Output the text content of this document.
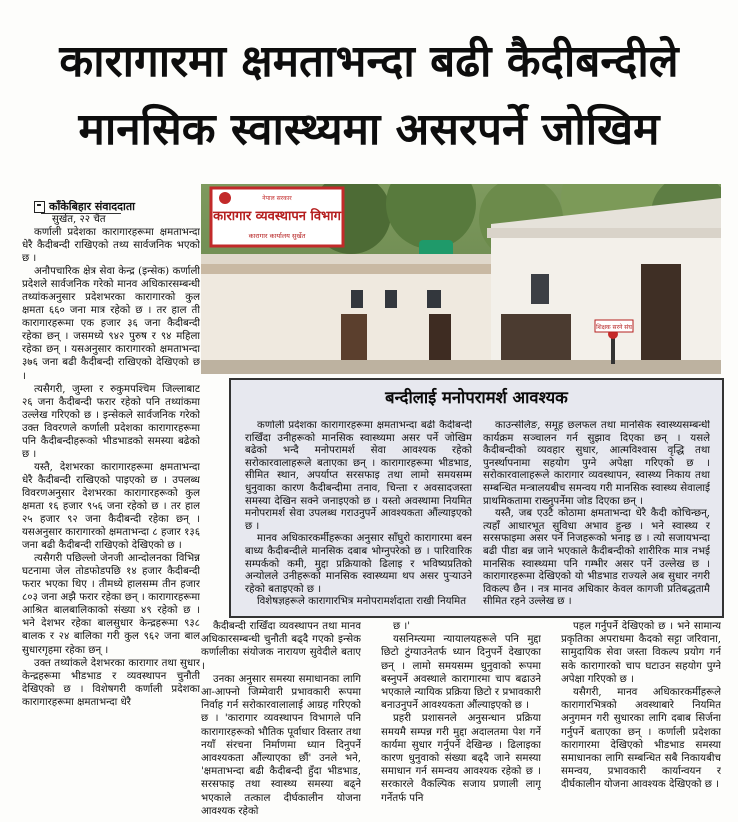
कारागारमा क्षमताभन्दा बढी कैदीबन्दीले
मानसिक स्वास्थ्यमा असरपर्ने जोखिम
काँकेबिहार संवाददाता
सुर्खेत, २२ चैत

कर्णाली प्रदेशका कारागारहरूमा क्षमताभन्दा धेरै कैदीबन्दी राखिएको तथ्य सार्वजनिक भएको छ ।

अनौपचारिक क्षेत्र सेवा केन्द्र (इन्सेक) कर्णाली प्रदेशले सार्वजनिक गरेको मानव अधिकारसम्बन्धी तथ्यांकअनुसार प्रदेशभरका कारागारको कुल क्षमता ६६० जना मात्र रहेको छ । तर हाल ती कारागारहरूमा एक हजार ३६ जना कैदीबन्दी रहेका छन् । जसमध्ये ९४२ पुरुष र ९४ महिला रहेका छन् । यसअनुसार कारागारको क्षमताभन्दा ३७६ जना बढी कैदीबन्दी राखिएको देखिएको छ ।

त्यसैगरी, जुम्ला र रुकुमपश्चिम जिल्लाबाट २६ जना कैदीबन्दी फरार रहेको पनि तथ्यांकमा उल्लेख गरिएको छ । इन्सेकले सार्वजनिक गरेको उक्त विवरणले कर्णाली प्रदेशका कारागारहरूमा पनि कैदीबन्दीहरूको भीडभाडको समस्या बढेको छ ।

यस्तै, देशभरका कारागारहरूमा क्षमताभन्दा धेरै कैदीबन्दी राखिएको पाइएको छ । उपलब्ध विवरणअनुसार देशभरका कारागारहरूको कुल क्षमता १६ हजार ९५६ जना रहेको छ । तर हाल २५ हजार ९२ जना कैदीबन्दी रहेका छन् । यसअनुसार कारागारको क्षमताभन्दा ८ हजार १३६ जना बढी कैदीबन्दी राखिएको देखिएको छ ।

त्यसैगरी पछिल्लो जेनजी आन्दोलनका विभिन्न घटनामा जेल तोडफोडपछि १४ हजार कैदीबन्दी फरार भएका थिए । तीमध्ये हालसम्म तीन हजार ८०३ जना अझै फरार रहेका छन् । कारागारहरूमा आश्रित बालबालिकाको संख्या ४९ रहेको छ । भने देशभर रहेका बालसुधार केन्द्रहरूमा ९३८ बालक र २४ बालिका गरी कुल ९६२ जना बाल सुधारगृहमा रहेका छन् ।

उक्त तथ्यांकले देशभरका कारागार तथा सुधार केन्द्रहरूमा भीडभाड र व्यवस्थापन चुनौती देखिएको छ । विशेषगरी कर्णाली प्रदेशका कारागारहरूमा क्षमताभन्दा धेरै

नेपाल सरकार
कारागार व्यवस्थापन विभाग
कारागार कार्यालय सुर्खेत
शिक्षक सरने संघ
बन्दीलाई मनोपरामर्श आवश्यक

कर्णाली प्रदेशका कारागारहरूमा क्षमताभन्दा बढी कैदीबन्दी राखिँदा उनीहरूको मानसिक स्वास्थ्यमा असर पर्ने जोखिम बढेको भन्दै मनोपरामर्श सेवा आवश्यक रहेको सरोकारवालाहरूले बताएका छन् । कारागारहरूमा भीडभाड, सीमित स्थान, अपर्याप्त सरसफाइ तथा लामो समयसम्म धुनुवाका कारण कैदीबन्दीमा तनाव, चिन्ता र अवसादजस्ता समस्या देखिन सक्ने जनाइएको छ । यस्तो अवस्थामा नियमित मनोपरामर्श सेवा उपलब्ध गराउनुपर्ने आवश्यकता औंल्याइएको छ ।

मानव अधिकारकर्मीहरूका अनुसार साँघुरो कारागारमा बस्न बाध्य कैदीबन्दीले मानसिक दबाब भोग्नुपरेको छ । पारिवारिक सम्पर्कको कमी, मुद्दा प्रक्रियाको ढिलाइ र भविष्यप्रतिको अन्योलले उनीहरूको मानसिक स्वास्थ्यमा थप असर पुऱ्याउने रहेको बताइएको छ ।

विशेषज्ञहरूले कारागारभित्र मनोपरामर्शदाता राखी नियमित

काउन्सेलिङ, समूह छलफल तथा मानसिक स्वास्थ्यसम्बन्धी कार्यक्रम सञ्चालन गर्न सुझाव दिएका छन् । यसले कैदीबन्दीको व्यवहार सुधार, आत्मविश्वास वृद्धि तथा पुनर्स्थापनामा सहयोग पुग्ने अपेक्षा गरिएको छ । सरोकारवालाहरूले कारागार व्यवस्थापन, स्वास्थ्य निकाय तथा सम्बन्धित मन्त्रालयबीच समन्वय गरी मानसिक स्वास्थ्य सेवालाई प्राथमिकतामा राख्नुपर्नेमा जोड दिएका छन् ।

यस्तै, जब एउटै कोठामा क्षमताभन्दा धेरै कैदी कोचिन्छन्, त्यहाँ आधारभूत सुविधा अभाव हुन्छ । भने स्वास्थ्य र सरसफाइमा असर पर्ने निजहरूको भनाइ छ । त्यो सजायभन्दा बढी पीडा बन्न जाने भएकाले कैदीबन्दीको शारीरिक मात्र नभई मानसिक स्वास्थ्यमा पनि गम्भीर असर पर्ने उल्लेख छ । कारागारहरूमा देखिएको यो भीडभाड राज्यले अब सुधार नगरी विकल्प छैन । नत्र मानव अधिकार केवल कागजी प्रतिबद्धतामै सीमित रहने उल्लेख छ ।

कैदीबन्दी राखिँदा व्यवस्थापन तथा मानव अधिकारसम्बन्धी चुनौती बढ्दै गएको इन्सेक कर्णालीका संयोजक नारायण सुवेदीले बताए ।

उनका अनुसार समस्या समाधानका लागि आ-आफ्नो जिम्मेवारी प्रभावकारी रूपमा निर्वाह गर्न सरोकारवालालाई आग्रह गरिएको छ । 'कारागार व्यवस्थापन विभागले पनि कारागारहरूको भौतिक पूर्वाधार विस्तार तथा नयाँ संरचना निर्माणमा ध्यान दिनुपर्ने आवश्यकता औंल्याएका छौं' उनले भने, 'क्षमताभन्दा बढी कैदीबन्दी हुँदा भीडभाड, सरसफाइ तथा स्वास्थ्य समस्या बढ्ने भएकाले तत्काल दीर्घकालीन योजना आवश्यक रहेको

छ ।'

यसनिम्त्यमा न्यायालयहरूले पनि मुद्दा छिटो टुंग्याउनेतर्फ ध्यान दिनुपर्ने देखाएका छन् । लामो समयसम्म धुनुवाको रूपमा बस्नुपर्ने अवस्थाले कारागारमा चाप बढाउने भएकाले न्यायिक प्रक्रिया छिटो र प्रभावकारी बनाउनुपर्ने आवश्यकता औंल्याइएको छ ।

प्रहरी प्रशासनले अनुसन्धान प्रक्रिया समयमै सम्पन्न गरी मुद्दा अदालतमा पेश गर्ने कार्यमा सुधार गर्नुपर्ने देखिन्छ । ढिलाइका कारण धुनुवाको संख्या बढ्दै जाने समस्या समाधान गर्न समन्वय आवश्यक रहेको छ । सरकारले वैकल्पिक सजाय प्रणाली लागू गर्नेतर्फ पनि

पहल गर्नुपर्ने देखिएको छ । भने सामान्य प्रकृतिका अपराधमा कैदको सट्टा जरिवाना, सामुदायिक सेवा जस्ता विकल्प प्रयोग गर्न सके कारागारको चाप घटाउन सहयोग पुग्ने अपेक्षा गरिएको छ ।

यसैगरी, मानव अधिकारकर्मीहरूले कारागारभित्रको अवस्थाबारे नियमित अनुगमन गरी सुधारका लागि दबाब सिर्जना गर्नुपर्ने बताएका छन् । कर्णाली प्रदेशका कारागारमा देखिएको भीडभाड समस्या समाधानका लागि सम्बन्धित सबै निकायबीच समन्वय, प्रभावकारी कार्यान्वयन र दीर्घकालीन योजना आवश्यक देखिएको छ ।
